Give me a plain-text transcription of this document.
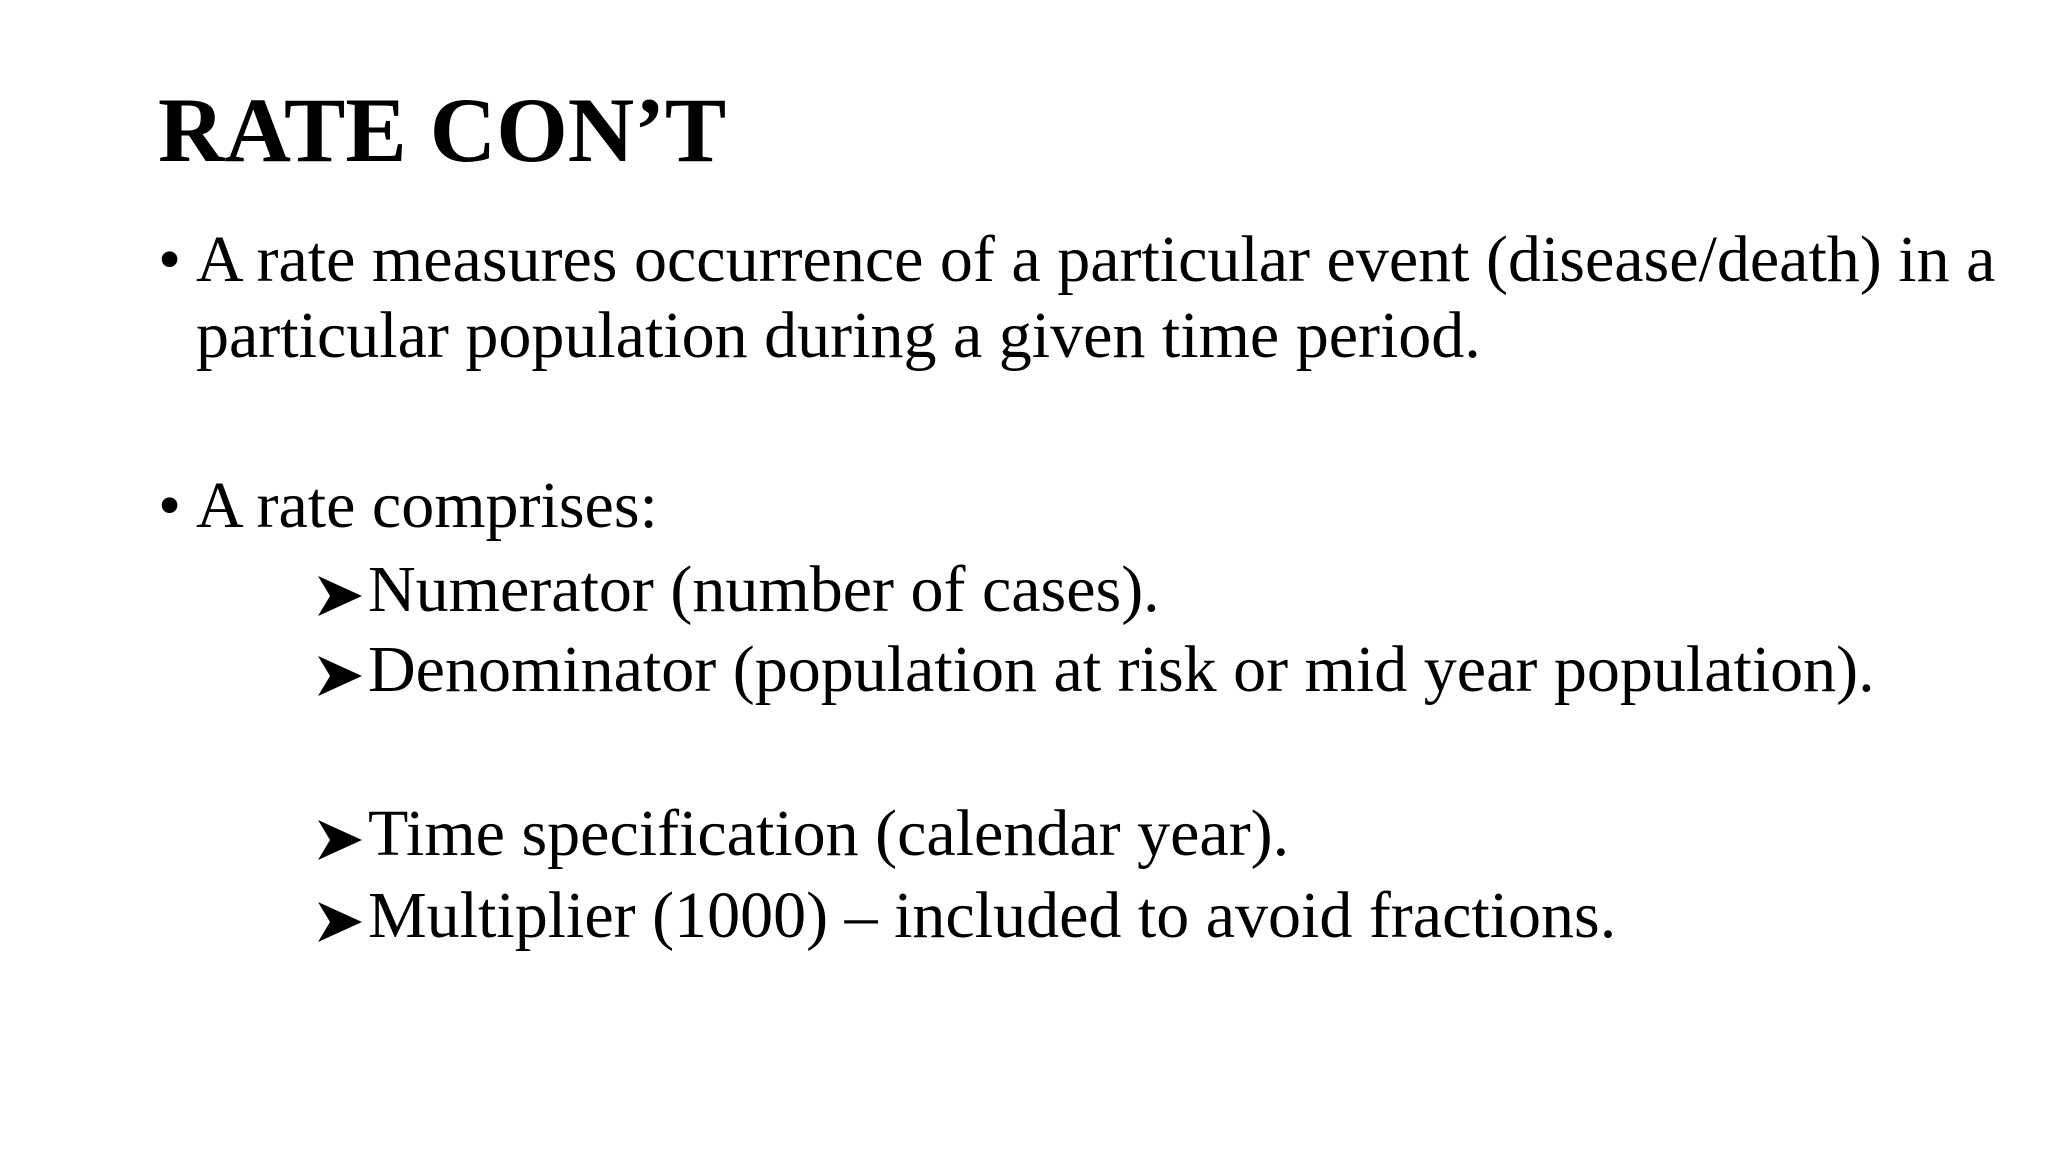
RATE CON’T
• A rate measures occurrence of a particular event (disease/death) in a particular population during a given time period.
• A rate comprises:
Numerator (number of cases).
Denominator (population at risk or mid year population).
Time specification (calendar year).
Multiplier (1000) – included to avoid fractions.
